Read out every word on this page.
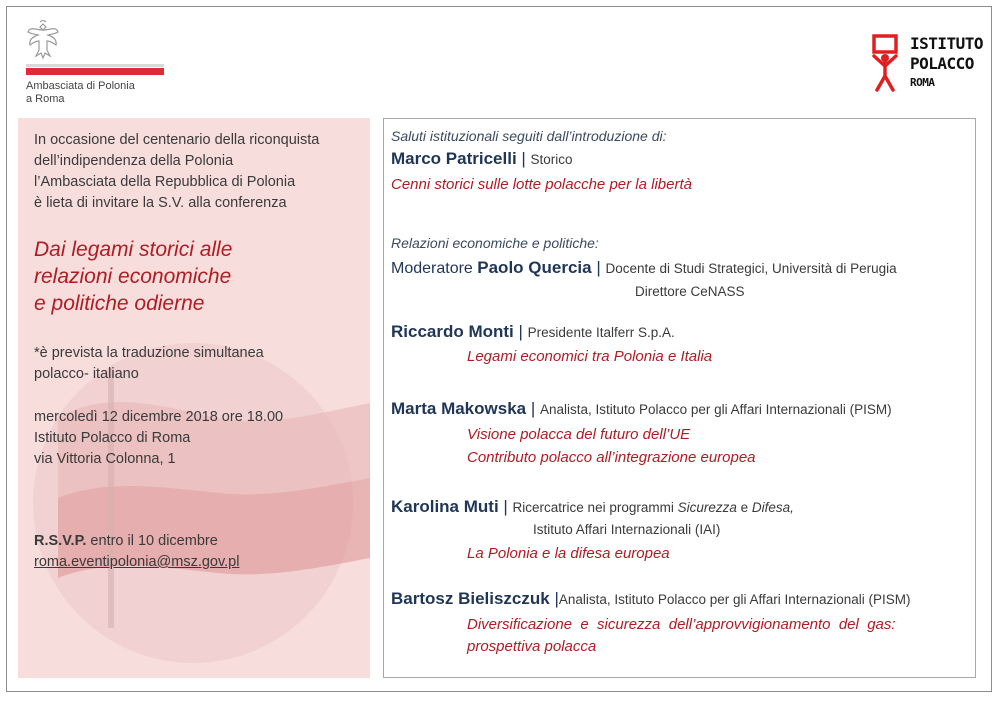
Ambasciata di Polonia
a Roma
ISTITUTO
POLACCO
ROMA
In occasione del centenario della riconquista
dell’indipendenza della Polonia
l’Ambasciata della Repubblica di Polonia
è lieta di invitare la S.V. alla conferenza
Dai legami storici alle
relazioni economiche
e politiche odierne
*è prevista la traduzione simultanea
polacco- italiano
mercoledì 12 dicembre 2018 ore 18.00
Istituto Polacco di Roma
via Vittoria Colonna, 1
R.S.V.P. entro il 10 dicembre
roma.eventipolonia@msz.gov.pl
Saluti istituzionali seguiti dall’introduzione di:
Marco Patricelli | Storico
Cenni storici sulle lotte polacche per la libertà
Relazioni economiche e politiche:
Moderatore Paolo Quercia | Docente di Studi Strategici, Università di Perugia
Direttore CeNASS
Riccardo Monti | Presidente Italferr S.p.A.
Legami economici tra Polonia e Italia
Marta Makowska | Analista, Istituto Polacco per gli Affari Internazionali (PISM)
Visione polacca del futuro dell’UE
Contributo polacco all’integrazione europea
Karolina Muti | Ricercatrice nei programmi Sicurezza e Difesa,
Istituto Affari Internazionali (IAI)
La Polonia e la difesa europea
Bartosz Bieliszczuk |Analista, Istituto Polacco per gli Affari Internazionali (PISM)
Diversificazione  e  sicurezza  dell’approvvigionamento  del  gas:
prospettiva polacca
